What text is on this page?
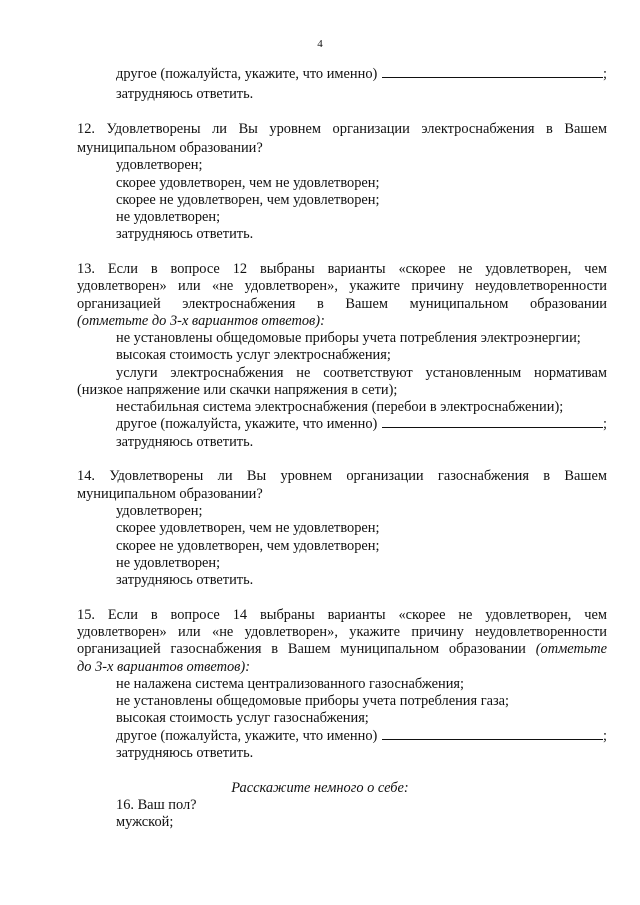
4
другое (пожалуйста, укажите, что именно)	;
затрудняюсь ответить.
12. Удовлетворены ли Вы уровнем организации электроснабжения в Вашем
муниципальном образовании?
удовлетворен;
скорее удовлетворен, чем не удовлетворен;
скорее не удовлетворен, чем удовлетворен;
не удовлетворен;
затрудняюсь ответить.
13. Если в вопросе 12 выбраны варианты «скорее не удовлетворен, чем
удовлетворен» или «не удовлетворен», укажите причину неудовлетворенности
организацией электроснабжения в Вашем муниципальном образовании
(отметьте до 3-х вариантов ответов):
не установлены общедомовые приборы учета потребления электроэнергии;
высокая стоимость услуг электроснабжения;
услуги электроснабжения не соответствуют установленным нормативам
(низкое напряжение или скачки напряжения в сети);
нестабильная система электроснабжения (перебои в электроснабжении);
другое (пожалуйста, укажите, что именно)	;
затрудняюсь ответить.
14. Удовлетворены ли Вы уровнем организации газоснабжения в Вашем
муниципальном образовании?
удовлетворен;
скорее удовлетворен, чем не удовлетворен;
скорее не удовлетворен, чем удовлетворен;
не удовлетворен;
затрудняюсь ответить.
15. Если в вопросе 14 выбраны варианты «скорее не удовлетворен, чем
удовлетворен» или «не удовлетворен», укажите причину неудовлетворенности
организацией газоснабжения в Вашем муниципальном образовании (отметьте
до 3-х вариантов ответов):
не налажена система централизованного газоснабжения;
не установлены общедомовые приборы учета потребления газа;
высокая стоимость услуг газоснабжения;
другое (пожалуйста, укажите, что именно)	;
затрудняюсь ответить.
Расскажите немного о себе:
16. Ваш пол?
мужской;
